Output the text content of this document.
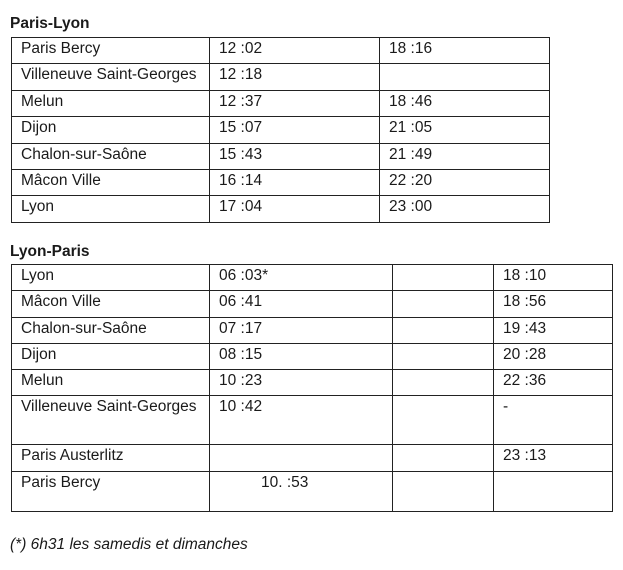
Paris-Lyon
Paris Bercy	12 :02	18 :16
Villeneuve Saint-Georges	12 :18	
Melun	12 :37	18 :46
Dijon	15 :07	21 :05
Chalon-sur-Saône	15 :43	21 :49
Mâcon Ville	16 :14	22 :20
Lyon	17 :04	23 :00
Lyon-Paris
Lyon	06 :03*		18 :10
Mâcon Ville	06 :41		18 :56
Chalon-sur-Saône	07 :17		19 :43
Dijon	08 :15		20 :28
Melun	10 :23		22 :36
Villeneuve Saint-Georges	10 :42		-
Paris Austerlitz			23 :13
Paris Bercy	10. :53		
(*) 6h31 les samedis et dimanches
